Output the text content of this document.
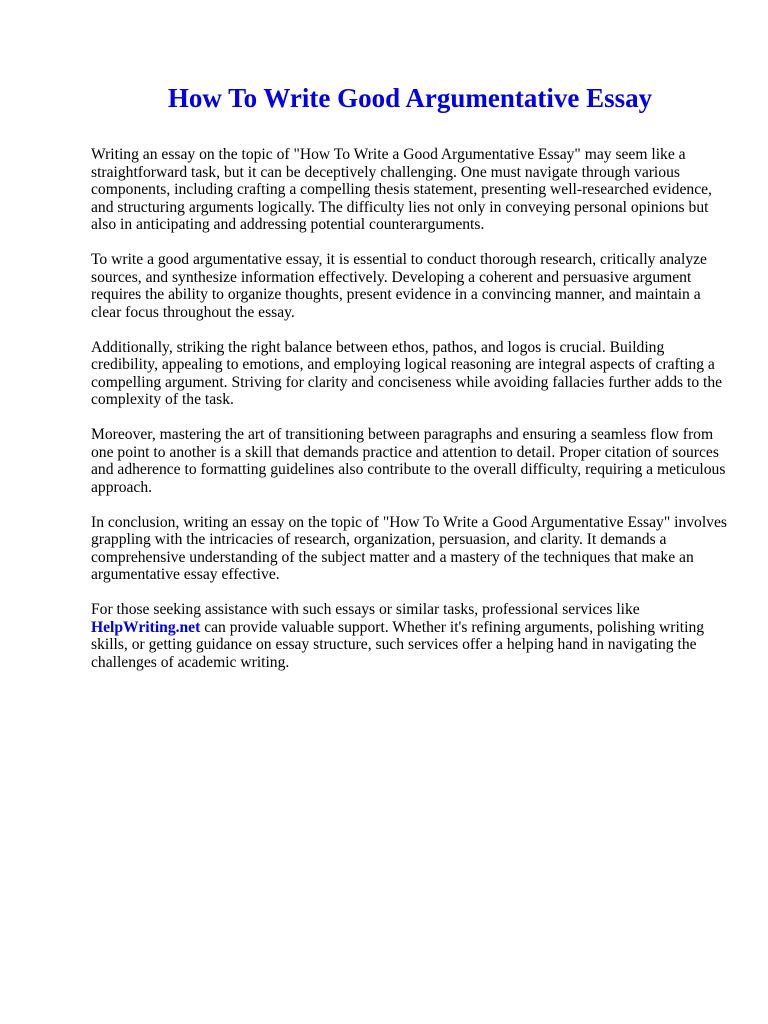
How To Write Good Argumentative Essay

Writing an essay on the topic of "How To Write a Good Argumentative Essay" may seem like a straightforward task, but it can be deceptively challenging. One must navigate through various components, including crafting a compelling thesis statement, presenting well-researched evidence, and structuring arguments logically. The difficulty lies not only in conveying personal opinions but also in anticipating and addressing potential counterarguments.

To write a good argumentative essay, it is essential to conduct thorough research, critically analyze sources, and synthesize information effectively. Developing a coherent and persuasive argument requires the ability to organize thoughts, present evidence in a convincing manner, and maintain a clear focus throughout the essay.

Additionally, striking the right balance between ethos, pathos, and logos is crucial. Building credibility, appealing to emotions, and employing logical reasoning are integral aspects of crafting a compelling argument. Striving for clarity and conciseness while avoiding fallacies further adds to the complexity of the task.

Moreover, mastering the art of transitioning between paragraphs and ensuring a seamless flow from one point to another is a skill that demands practice and attention to detail. Proper citation of sources and adherence to formatting guidelines also contribute to the overall difficulty, requiring a meticulous approach.

In conclusion, writing an essay on the topic of "How To Write a Good Argumentative Essay" involves grappling with the intricacies of research, organization, persuasion, and clarity. It demands a comprehensive understanding of the subject matter and a mastery of the techniques that make an argumentative essay effective.

For those seeking assistance with such essays or similar tasks, professional services like HelpWriting.net can provide valuable support. Whether it's refining arguments, polishing writing skills, or getting guidance on essay structure, such services offer a helping hand in navigating the challenges of academic writing.
